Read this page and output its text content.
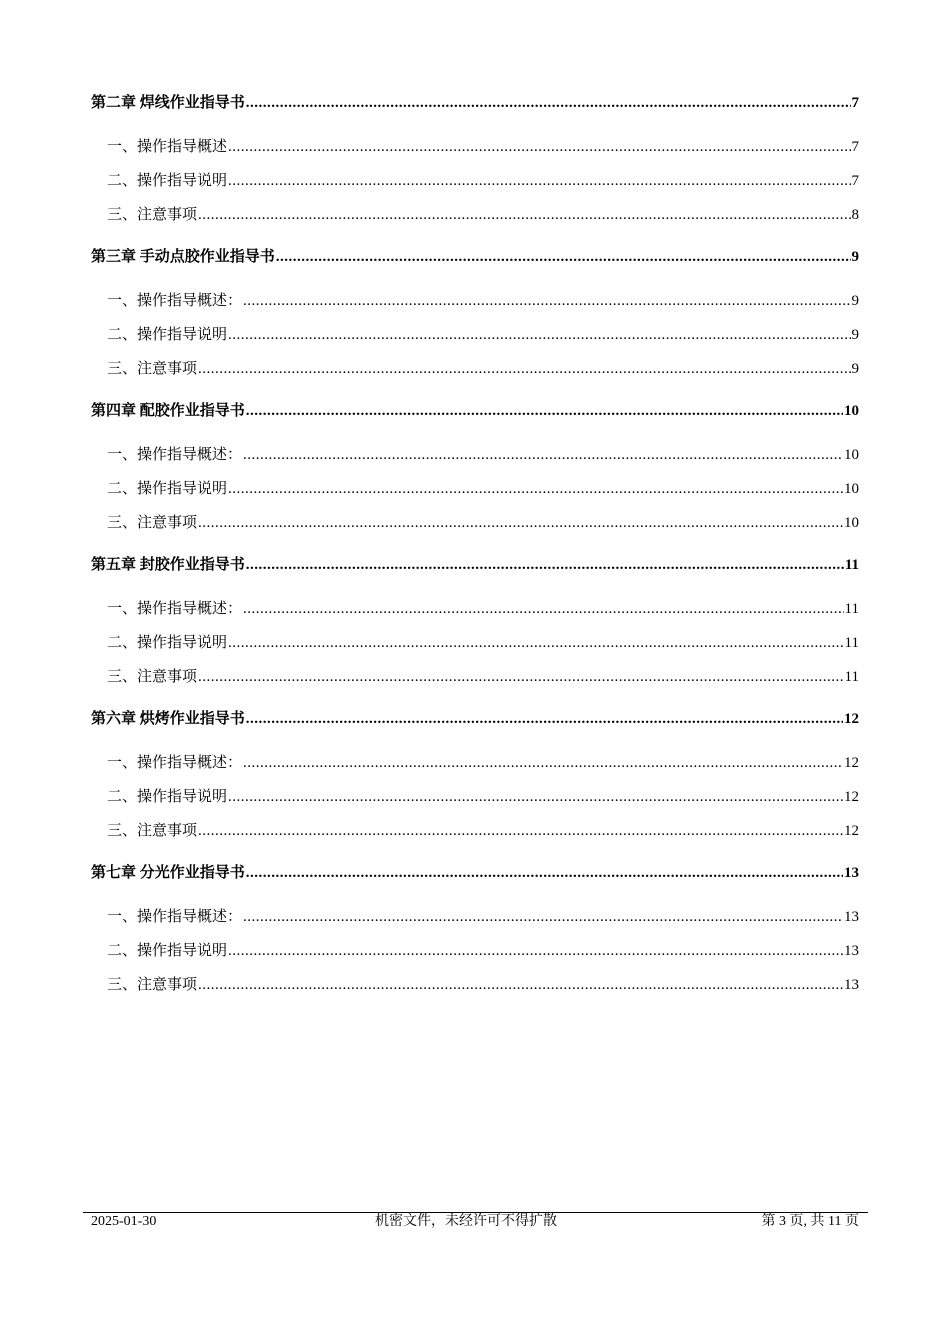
第二章 焊线作业指导书 .....	7
一、操作指导概述 .....	7
二、操作指导说明 .....	7
三、注意事项 .....	8
第三章 手动点胶作业指导书 .....	9
一、操作指导概述： .....	9
二、操作指导说明 .....	9
三、注意事项 .....	9
第四章 配胶作业指导书 .....	10
一、操作指导概述： .....	10
二、操作指导说明 .....	10
三、注意事项 .....	10
第五章 封胶作业指导书 .....	11
一、操作指导概述： .....	11
二、操作指导说明 .....	11
三、注意事项 .....	11
第六章 烘烤作业指导书 .....	12
一、操作指导概述： .....	12
二、操作指导说明 .....	12
三、注意事项 .....	12
第七章 分光作业指导书 .....	13
一、操作指导概述： .....	13
二、操作指导说明 .....	13
三、注意事项 .....	13
2025-01-30	机密文件，未经许可不得扩散	第 3 页, 共 11 页
